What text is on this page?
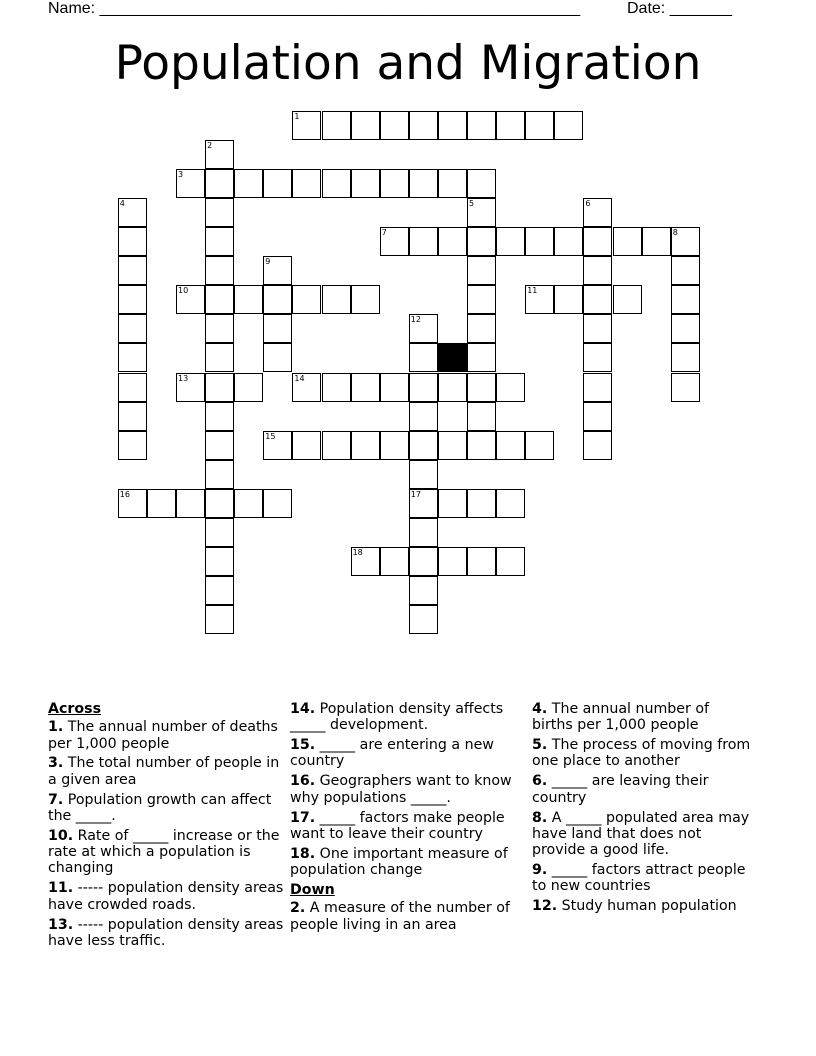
Name: ______________________________________________________	Date: _______
Population and Migration
1
2
3
4	5	6
7	8
9
10	11
12
13	14
15
16	17
18
Across
1. The annual number of deaths per 1,000 people
3. The total number of people in a given area
7. Population growth can affect the _____.
10. Rate of _____ increase or the rate at which a population is changing
11. ----- population density areas have crowded roads.
13. ----- population density areas have less traffic.
14. Population density affects _____ development.
15. _____ are entering a new country
16. Geographers want to know why populations _____.
17. _____ factors make people want to leave their country
18. One important measure of population change
Down
2. A measure of the number of people living in an area
4. The annual number of births per 1,000 people
5. The process of moving from one place to another
6. _____ are leaving their country
8. A _____ populated area may have land that does not provide a good life.
9. _____ factors attract people to new countries
12. Study human population
